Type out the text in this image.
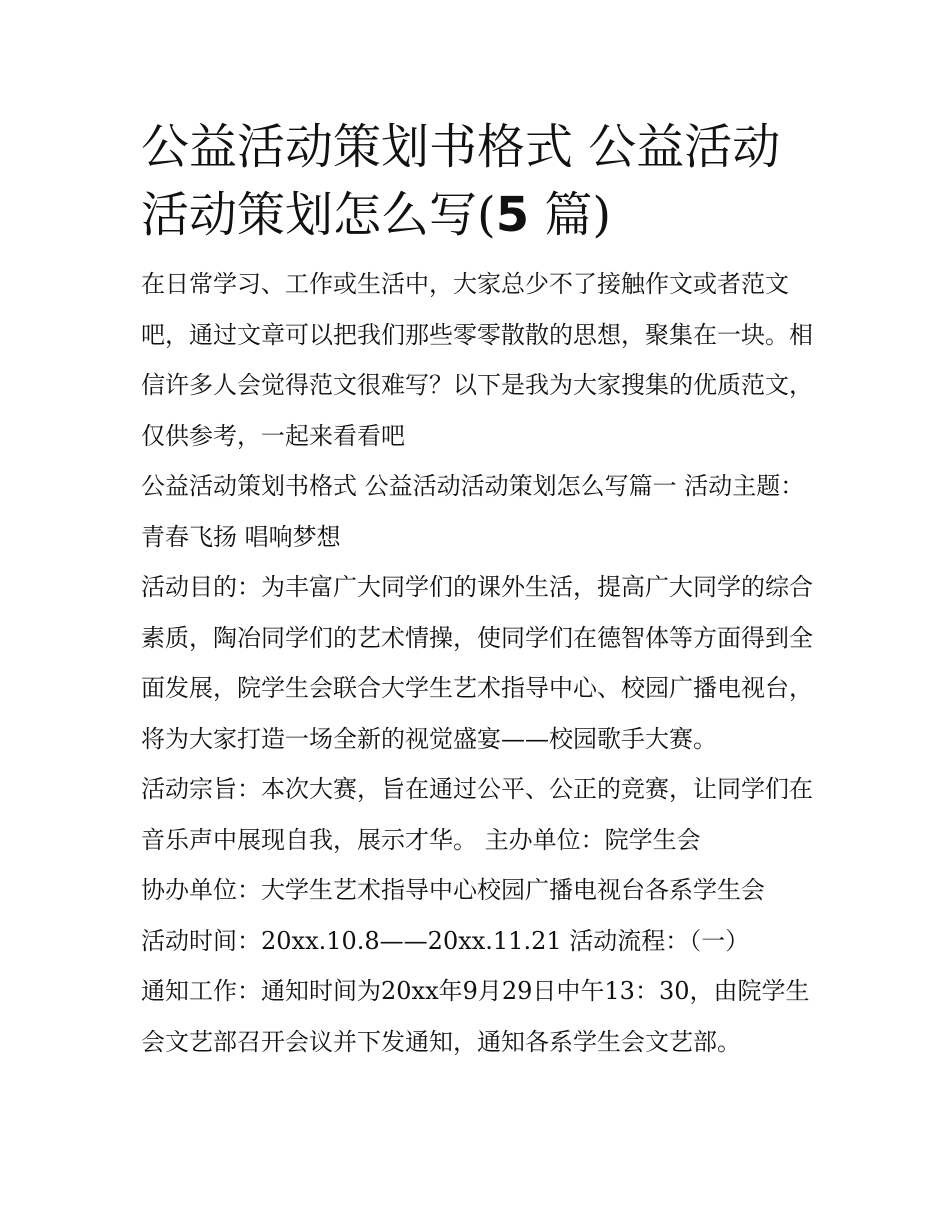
公益活动策划书格式 公益活动活动策划怎么写(5 篇)

在日常学习、工作或生活中，大家总少不了接触作文或者范文吧，通过文章可以把我们那些零零散散的思想，聚集在一块。相信许多人会觉得范文很难写？以下是我为大家搜集的优质范文，仅供参考，一起来看看吧

公益活动策划书格式 公益活动活动策划怎么写篇一 活动主题：青春飞扬 唱响梦想

活动目的：为丰富广大同学们的课外生活，提高广大同学的综合素质，陶冶同学们的艺术情操，使同学们在德智体等方面得到全面发展，院学生会联合大学生艺术指导中心、校园广播电视台，将为大家打造一场全新的视觉盛宴——校园歌手大赛。

活动宗旨：本次大赛，旨在通过公平、公正的竞赛，让同学们在音乐声中展现自我，展示才华。 主办单位：院学生会

协办单位：大学生艺术指导中心校园广播电视台各系学生会

活动时间：20xx.10.8——20xx.11.21 活动流程：（一）

通知工作：通知时间为20xx年9月29日中午13：30，由院学生会文艺部召开会议并下发通知，通知各系学生会文艺部。
